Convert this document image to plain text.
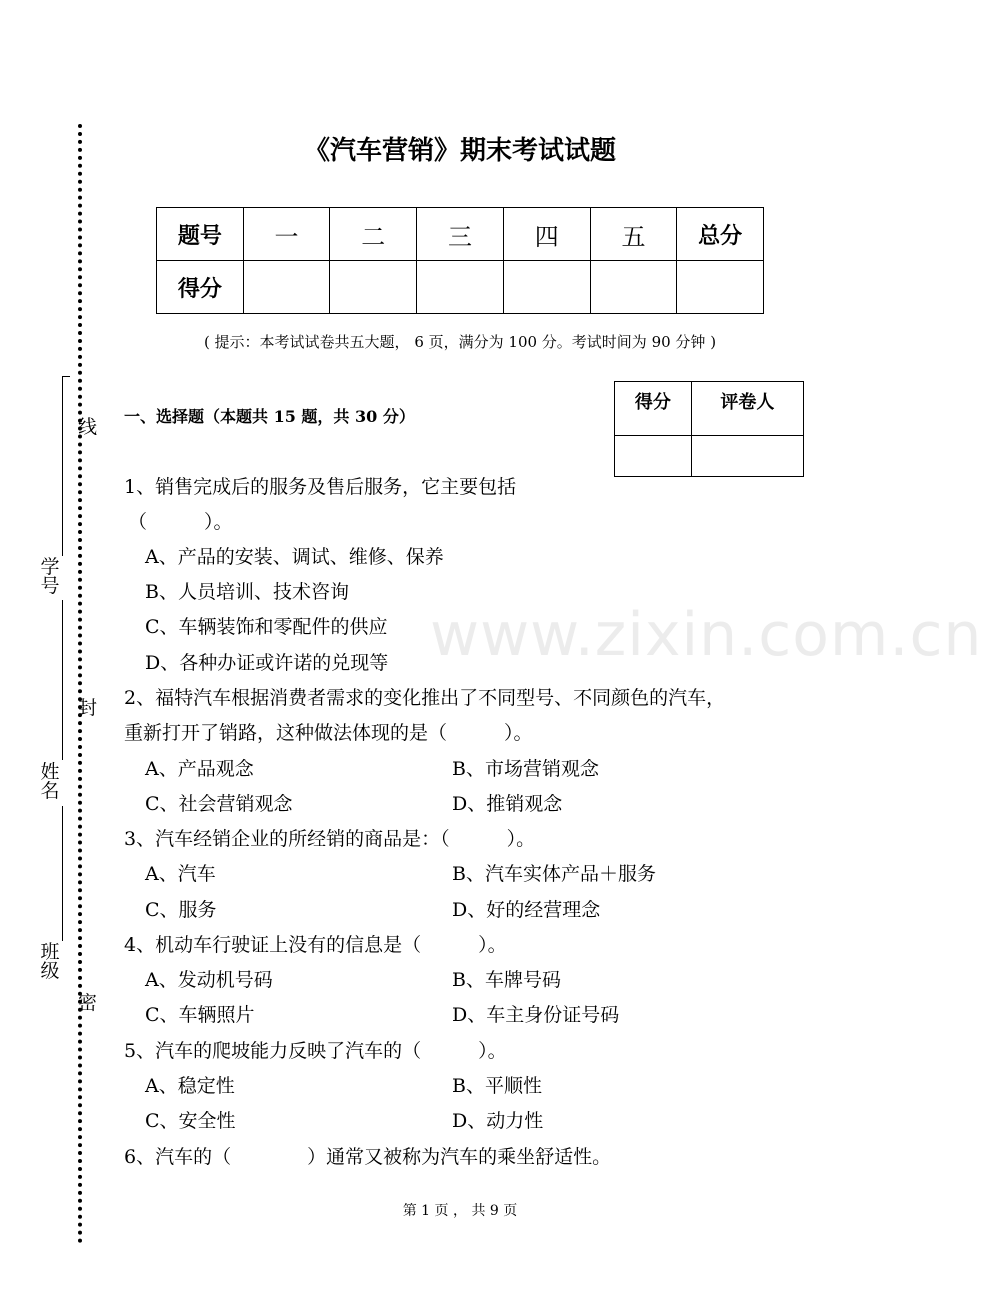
www.zixin.com.cn
线
封
密
学号
姓名
班级
《汽车营销》期末考试试题
题号	一	二	三	四	五	总分
得分						
( 提示：本考试试卷共五大题， 6 页，满分为 100 分。考试时间为 90 分钟 )
得分	评卷人

一、选择题（本题共 15 题，共 30 分）
1、销售完成后的服务及售后服务，它主要包括
（　　　）。
A、产品的安装、调试、维修、保养
B、人员培训、技术咨询
C、车辆装饰和零配件的供应
D、各种办证或许诺的兑现等
2、福特汽车根据消费者需求的变化推出了不同型号、不同颜色的汽车，
重新打开了销路，这种做法体现的是（　　　）。
A、产品观念	B、市场营销观念
C、社会营销观念	D、推销观念
3、汽车经销企业的所经销的商品是：（　　　）。
A、汽车	B、汽车实体产品＋服务
C、服务	D、好的经营理念
4、机动车行驶证上没有的信息是（　　　）。
A、发动机号码	B、车牌号码
C、车辆照片	D、车主身份证号码
5、汽车的爬坡能力反映了汽车的（　　　）。
A、稳定性	B、平顺性
C、安全性	D、动力性
6、汽车的（　　　　）通常又被称为汽车的乘坐舒适性。
第 1 页 ， 共 9 页
